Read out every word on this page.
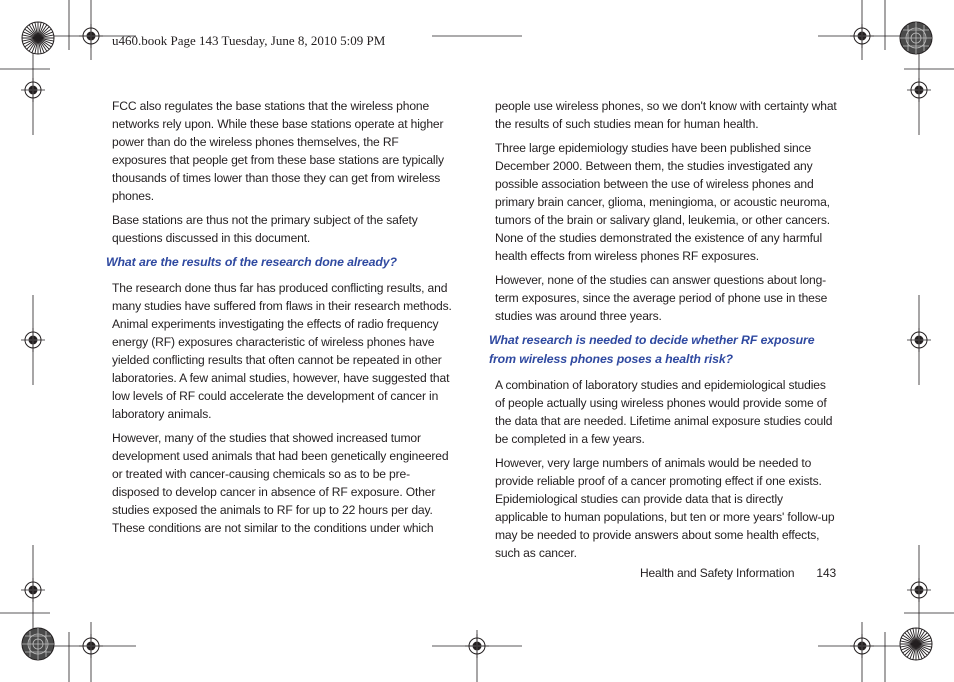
u460.book Page 143 Tuesday, June 8, 2010 5:09 PM

FCC also regulates the base stations that the wireless phone networks rely upon. While these base stations operate at higher power than do the wireless phones themselves, the RF exposures that people get from these base stations are typically thousands of times lower than those they can get from wireless phones.

Base stations are thus not the primary subject of the safety questions discussed in this document.

What are the results of the research done already?

The research done thus far has produced conflicting results, and many studies have suffered from flaws in their research methods. Animal experiments investigating the effects of radio frequency energy (RF) exposures characteristic of wireless phones have yielded conflicting results that often cannot be repeated in other laboratories. A few animal studies, however, have suggested that low levels of RF could accelerate the development of cancer in laboratory animals.

However, many of the studies that showed increased tumor development used animals that had been genetically engineered or treated with cancer-causing chemicals so as to be pre-disposed to develop cancer in absence of RF exposure. Other studies exposed the animals to RF for up to 22 hours per day. These conditions are not similar to the conditions under which

people use wireless phones, so we don't know with certainty what the results of such studies mean for human health.

Three large epidemiology studies have been published since December 2000. Between them, the studies investigated any possible association between the use of wireless phones and primary brain cancer, glioma, meningioma, or acoustic neuroma, tumors of the brain or salivary gland, leukemia, or other cancers. None of the studies demonstrated the existence of any harmful health effects from wireless phones RF exposures.

However, none of the studies can answer questions about long-term exposures, since the average period of phone use in these studies was around three years.

What research is needed to decide whether RF exposure from wireless phones poses a health risk?

A combination of laboratory studies and epidemiological studies of people actually using wireless phones would provide some of the data that are needed. Lifetime animal exposure studies could be completed in a few years.

However, very large numbers of animals would be needed to provide reliable proof of a cancer promoting effect if one exists. Epidemiological studies can provide data that is directly applicable to human populations, but ten or more years' follow-up may be needed to provide answers about some health effects, such as cancer.

Health and Safety Information 143
